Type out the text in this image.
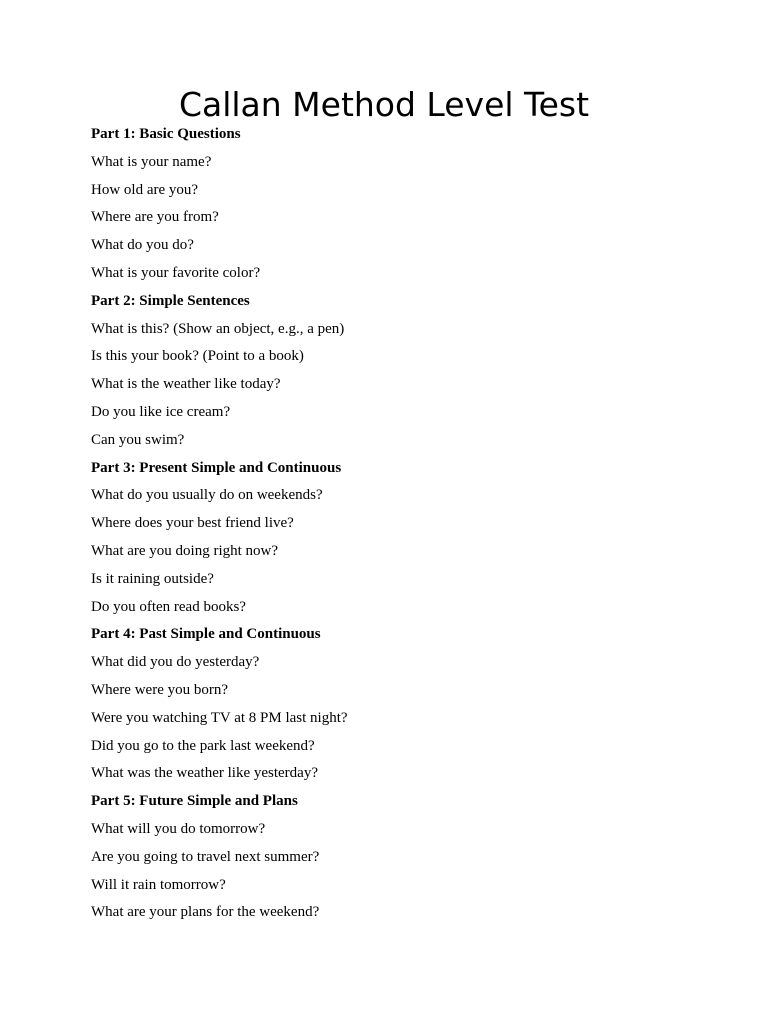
Callan Method Level Test

Part 1: Basic Questions

What is your name?

How old are you?

Where are you from?

What do you do?

What is your favorite color?

Part 2: Simple Sentences

What is this? (Show an object, e.g., a pen)

Is this your book? (Point to a book)

What is the weather like today?

Do you like ice cream?

Can you swim?

Part 3: Present Simple and Continuous

What do you usually do on weekends?

Where does your best friend live?

What are you doing right now?

Is it raining outside?

Do you often read books?

Part 4: Past Simple and Continuous

What did you do yesterday?

Where were you born?

Were you watching TV at 8 PM last night?

Did you go to the park last weekend?

What was the weather like yesterday?

Part 5: Future Simple and Plans

What will you do tomorrow?

Are you going to travel next summer?

Will it rain tomorrow?

What are your plans for the weekend?
